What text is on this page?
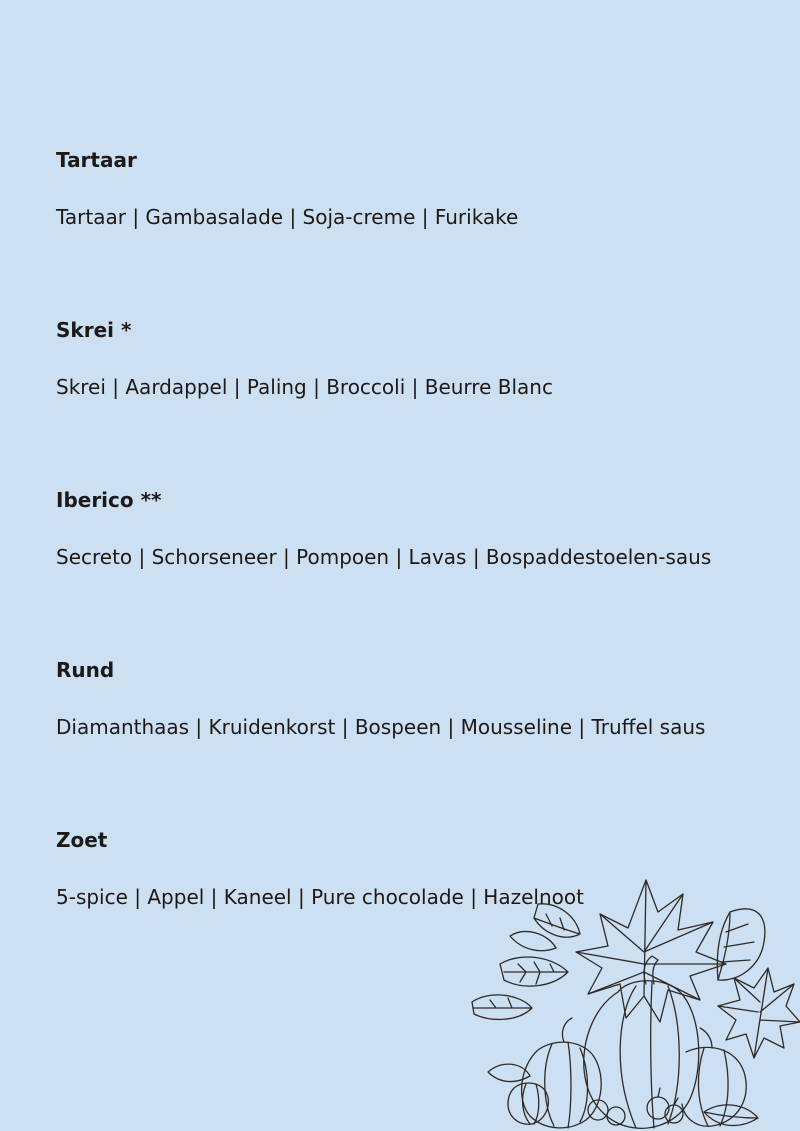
Tartaar

Tartaar | Gambasalade | Soja-creme | Furikake

Skrei *

Skrei | Aardappel | Paling | Broccoli | Beurre Blanc

Iberico **

Secreto | Schorseneer | Pompoen | Lavas | Bospaddestoelen-saus

Rund

Diamanthaas | Kruidenkorst | Bospeen | Mousseline | Truffel saus

Zoet

5-spice | Appel | Kaneel | Pure chocolade | Hazelnoot
